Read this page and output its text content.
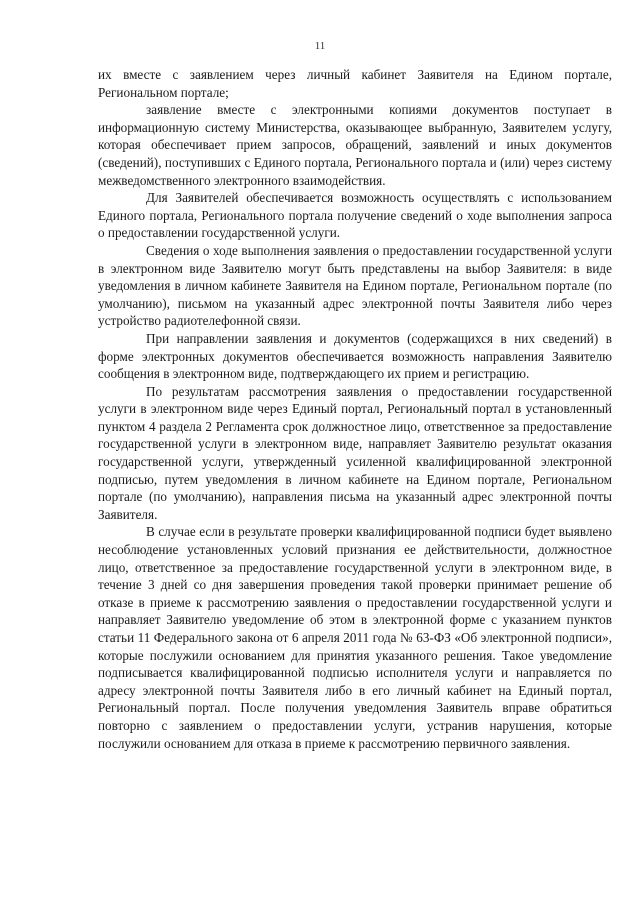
11

их вместе с заявлением через личный кабинет Заявителя на Едином портале, Региональном портале;

заявление вместе с электронными копиями документов поступает в информационную систему Министерства, оказывающее выбранную, Заявителем услугу, которая обеспечивает прием запросов, обращений, заявлений и иных документов (сведений), поступивших с Единого портала, Регионального портала и (или) через систему межведомственного электронного взаимодействия.

Для Заявителей обеспечивается возможность осуществлять с использованием Единого портала, Регионального портала получение сведений о ходе выполнения запроса о предоставлении государственной услуги.

Сведения о ходе выполнения заявления о предоставлении государственной услуги в электронном виде Заявителю могут быть представлены на выбор Заявителя: в виде уведомления в личном кабинете Заявителя на Едином портале, Региональном портале (по умолчанию), письмом на указанный адрес электронной почты Заявителя либо через устройство радиотелефонной связи.

При направлении заявления и документов (содержащихся в них сведений) в форме электронных документов обеспечивается возможность направления Заявителю сообщения в электронном виде, подтверждающего их прием и регистрацию.

По результатам рассмотрения заявления о предоставлении государственной услуги в электронном виде через Единый портал, Региональный портал в установленный пунктом 4 раздела 2 Регламента срок должностное лицо, ответственное за предоставление государственной услуги в электронном виде, направляет Заявителю результат оказания государственной услуги, утвержденный усиленной квалифицированной электронной подписью, путем уведомления в личном кабинете на Едином портале, Региональном портале (по умолчанию), направления письма на указанный адрес электронной почты Заявителя.

В случае если в результате проверки квалифицированной подписи будет выявлено несоблюдение установленных условий признания ее действительности, должностное лицо, ответственное за предоставление государственной услуги в электронном виде, в течение 3 дней со дня завершения проведения такой проверки принимает решение об отказе в приеме к рассмотрению заявления о предоставлении государственной услуги и направляет Заявителю уведомление об этом в электронной форме с указанием пунктов статьи 11 Федерального закона от 6 апреля 2011 года № 63-ФЗ «Об электронной подписи», которые послужили основанием для принятия указанного решения. Такое уведомление подписывается квалифицированной подписью исполнителя услуги и направляется по адресу электронной почты Заявителя либо в его личный кабинет на Единый портал, Региональный портал. После получения уведомления Заявитель вправе обратиться повторно с заявлением о предоставлении услуги, устранив нарушения, которые послужили основанием для отказа в приеме к рассмотрению первичного заявления.
